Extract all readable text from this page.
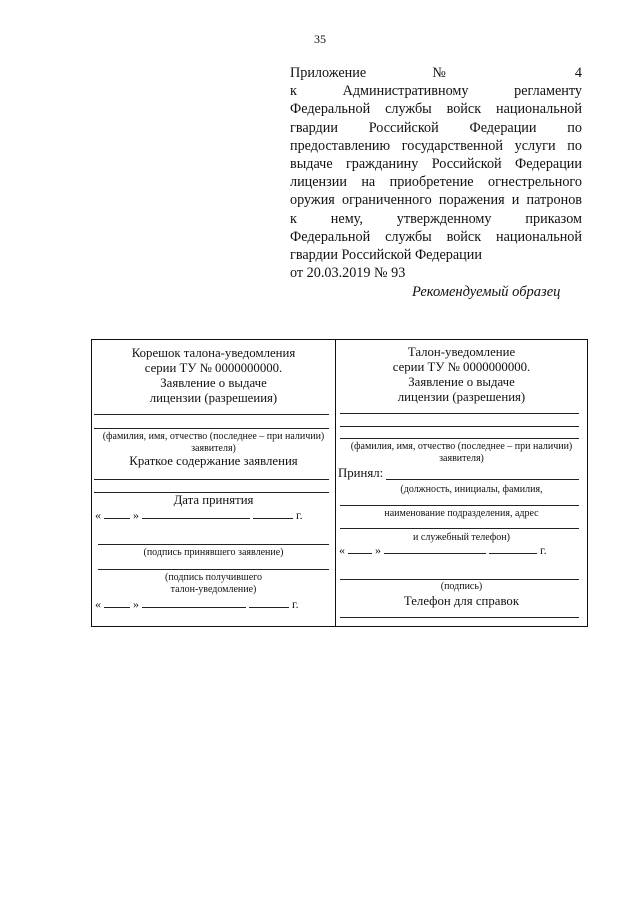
35
Приложение № 4
к Административному регламенту
Федеральной службы войск национальной
гвардии Российской Федерации по
предоставлению государственной услуги по
выдаче гражданину Российской Федерации
лицензии на приобретение огнестрельного
оружия ограниченного поражения и патронов
к нему, утвержденному приказом
Федеральной службы войск национальной
гвардии Российской Федерации
от 20.03.2019 № 93
Рекомендуемый образец
Корешок талона-уведомления
серии ТУ № 0000000000.
Заявление о выдаче
лицензии (разрешеиия)
(фамилия, имя, отчество (последнее – при наличии)
заявителя)
Краткое содержание заявления
Дата принятия
«	»	г.
(подпись принявшего заявление)
(подпись получившего
талон-уведомление)
«	»	г.
Талон-уведомление
серии ТУ № 0000000000.
Заявление о выдаче
лицензии (разрешения)
(фамилия, имя, отчество (последнее – при наличии)
заявителя)
Принял:
(должность, инициалы, фамилия,
наименование подразделения, адрес
и служебный телефон)
«	»	г.
(подпись)
Телефон для справок
